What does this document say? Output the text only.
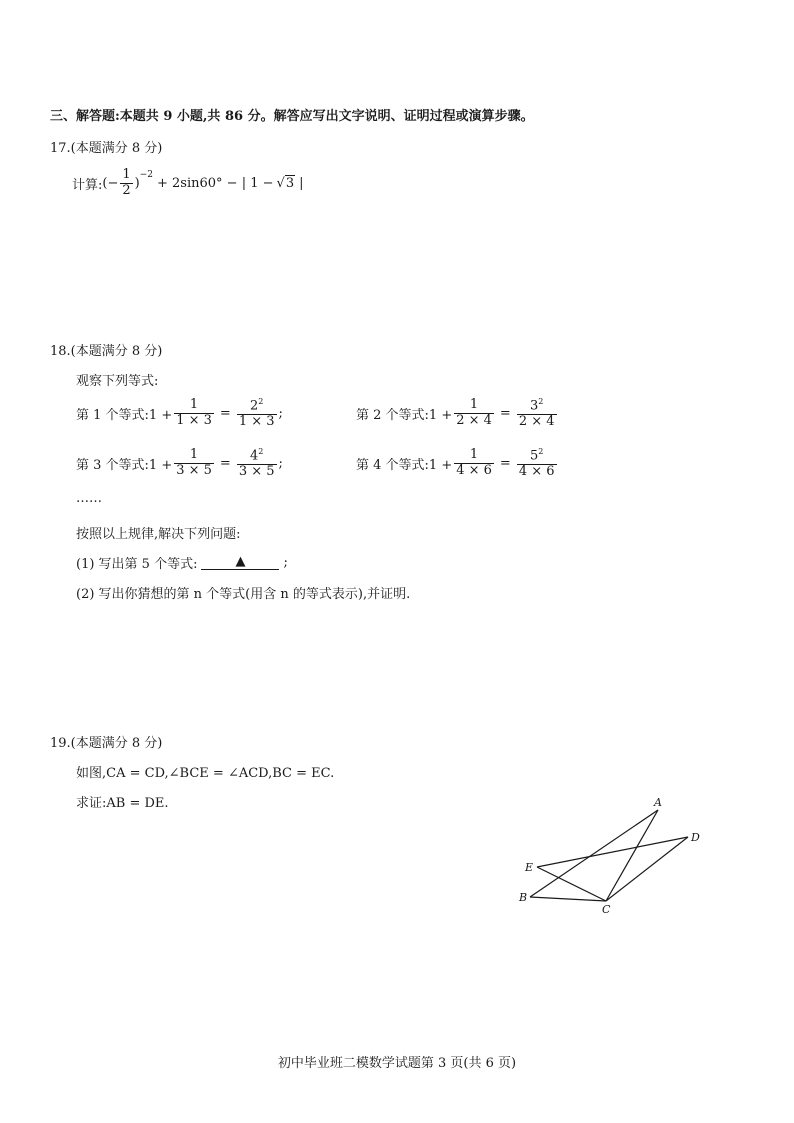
三、解答题:本题共 9 小题,共 86 分。解答应写出文字说明、证明过程或演算步骤。
17.(本题满分 8 分)
计算: (− $\frac{1}{2}$ )
$^{-2}$
+ 2sin60° − | 1 − √ 3 |
18.(本题满分 8 分)
观察下列等式:
第 1 个等式:1 + $\frac{1}{1 \times 3} = \frac{2^2}{1 \times 3}$ ;	第 2 个等式:1 + $\frac{1}{2 \times 4} = \frac{3^2}{2 \times 4}$
第 3 个等式:1 + $\frac{1}{3 \times 5} = \frac{4^2}{3 \times 5}$ ;	第 4 个等式:1 + $\frac{1}{4 \times 6} = \frac{5^2}{4 \times 6}$
……
按照以上规律,解决下列问题:
(1) 写出第 5 个等式:	▲	;
(2) 写出你猜想的第 n 个等式(用含 n 的等式表示),并证明.
19.(本题满分 8 分)
如图,CA = CD,∠BCE = ∠ACD,BC = EC.
求证:AB = DE.	A
D
E
B
C
初中毕业班二模数学试题第 3 页(共 6 页)
